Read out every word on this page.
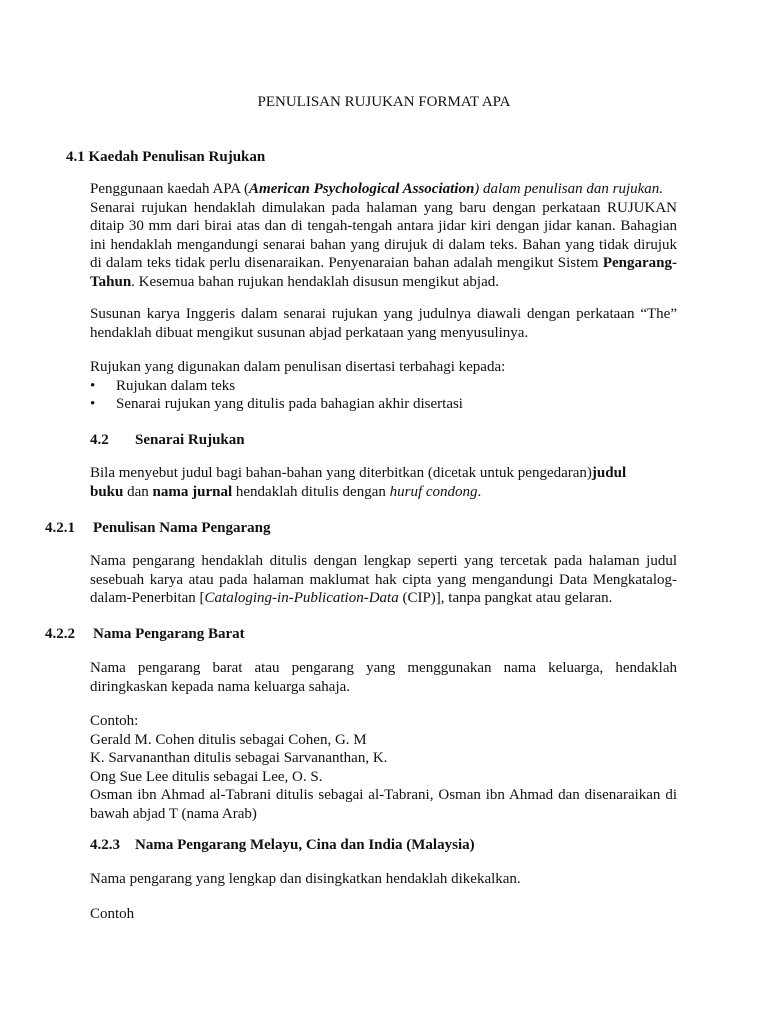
PENULISAN RUJUKAN FORMAT APA
4.1 Kaedah Penulisan Rujukan
Penggunaan kaedah APA (American Psychological Association) dalam penulisan dan rujukan.
Senarai rujukan hendaklah dimulakan pada halaman yang baru dengan perkataan RUJUKAN
ditaip 30 mm dari birai atas dan di tengah-tengah antara jidar kiri dengan jidar kanan. Bahagian
ini hendaklah mengandungi senarai bahan yang dirujuk di dalam teks. Bahan yang tidak dirujuk
di dalam teks tidak perlu disenaraikan. Penyenaraian bahan adalah mengikut Sistem Pengarang-
Tahun. Kesemua bahan rujukan hendaklah disusun mengikut abjad.
Susunan karya Inggeris dalam senarai rujukan yang judulnya diawali dengan perkataan “The”
hendaklah dibuat mengikut susunan abjad perkataan yang menyusulinya.
Rujukan yang digunakan dalam penulisan disertasi terbahagi kepada:
• Rujukan dalam teks
• Senarai rujukan yang ditulis pada bahagian akhir disertasi
4.2 Senarai Rujukan
Bila menyebut judul bagi bahan-bahan yang diterbitkan (dicetak untuk pengedaran)judul
buku dan nama jurnal hendaklah ditulis dengan huruf condong.
4.2.1 Penulisan Nama Pengarang
Nama pengarang hendaklah ditulis dengan lengkap seperti yang tercetak pada halaman judul
sesebuah karya atau pada halaman maklumat hak cipta yang mengandungi Data Mengkatalog-
dalam-Penerbitan [Cataloging-in-Publication-Data (CIP)], tanpa pangkat atau gelaran.
4.2.2 Nama Pengarang Barat
Nama pengarang barat atau pengarang yang menggunakan nama keluarga, hendaklah
diringkaskan kepada nama keluarga sahaja.
Contoh:
Gerald M. Cohen ditulis sebagai Cohen, G. M
K. Sarvananthan ditulis sebagai Sarvananthan, K.
Ong Sue Lee ditulis sebagai Lee, O. S.
Osman ibn Ahmad al-Tabrani ditulis sebagai al-Tabrani, Osman ibn Ahmad dan disenaraikan di
bawah abjad T (nama Arab)
4.2.3 Nama Pengarang Melayu, Cina dan India (Malaysia)
Nama pengarang yang lengkap dan disingkatkan hendaklah dikekalkan.
Contoh
